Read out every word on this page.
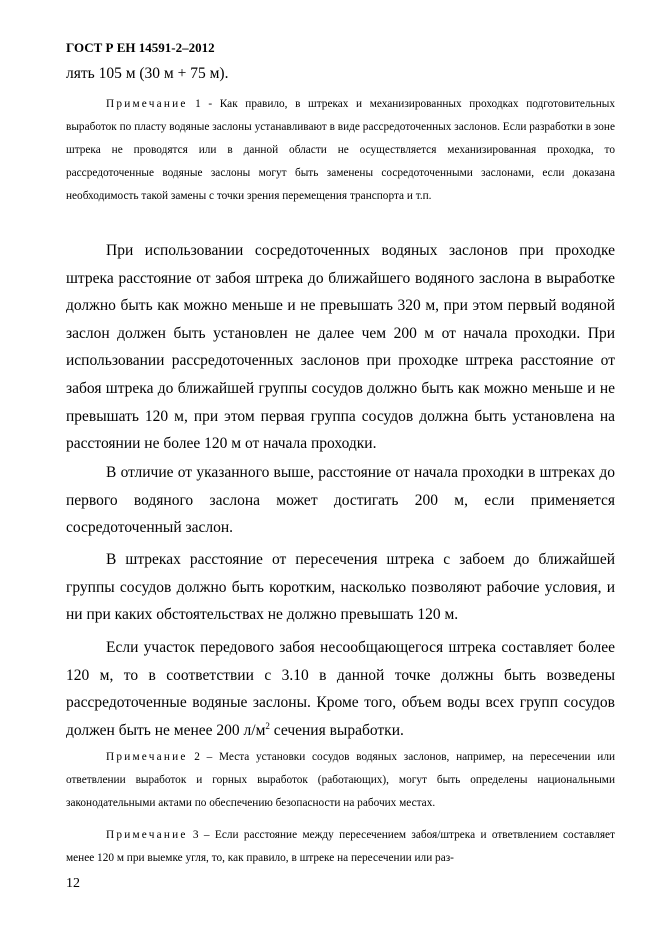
ГОСТ Р ЕН 14591-2–2012

лять 105 м (30 м + 75 м).

Примечание 1 - Как правило, в штреках и механизированных проходках подготовительных выработок по пласту водяные заслоны устанавливают в виде рассредоточенных заслонов. Если разработки в зоне штрека не проводятся или в данной области не осуществляется механизированная проходка, то рассредоточенные водяные заслоны могут быть заменены сосредоточенными заслонами, если доказана необходимость такой замены с точки зрения перемещения транспорта и т.п.

При использовании сосредоточенных водяных заслонов при проходке штрека расстояние от забоя штрека до ближайшего водяного заслона в выработке должно быть как можно меньше и не превышать 320 м, при этом первый водяной заслон должен быть установлен не далее чем 200 м от начала проходки. При использовании рассредоточенных заслонов при проходке штрека расстояние от забоя штрека до ближайшей группы сосудов должно быть как можно меньше и не превышать 120 м, при этом первая группа сосудов должна быть установлена на расстоянии не более 120 м от начала проходки.

В отличие от указанного выше, расстояние от начала проходки в штреках до первого водяного заслона может достигать 200 м, если применяется сосредоточенный заслон.

В штреках расстояние от пересечения штрека с забоем до ближайшей группы сосудов должно быть коротким, насколько позволяют рабочие условия, и ни при каких обстоятельствах не должно превышать 120 м.

Если участок передового забоя несообщающегося штрека составляет более 120 м, то в соответствии с 3.10 в данной точке должны быть возведены рассредоточенные водяные заслоны. Кроме того, объем воды всех групп сосудов должен быть не менее 200 $л/м^2$ сечения выработки.

Примечание 2 – Места установки сосудов водяных заслонов, например, на пересечении или ответвлении выработок и горных выработок (работающих), могут быть определены национальными законодательными актами по обеспечению безопасности на рабочих местах.

Примечание 3 – Если расстояние между пересечением забоя/штрека и ответвлением составляет менее 120 м при выемке угля, то, как правило, в штреке на пересечении или раз-

12
